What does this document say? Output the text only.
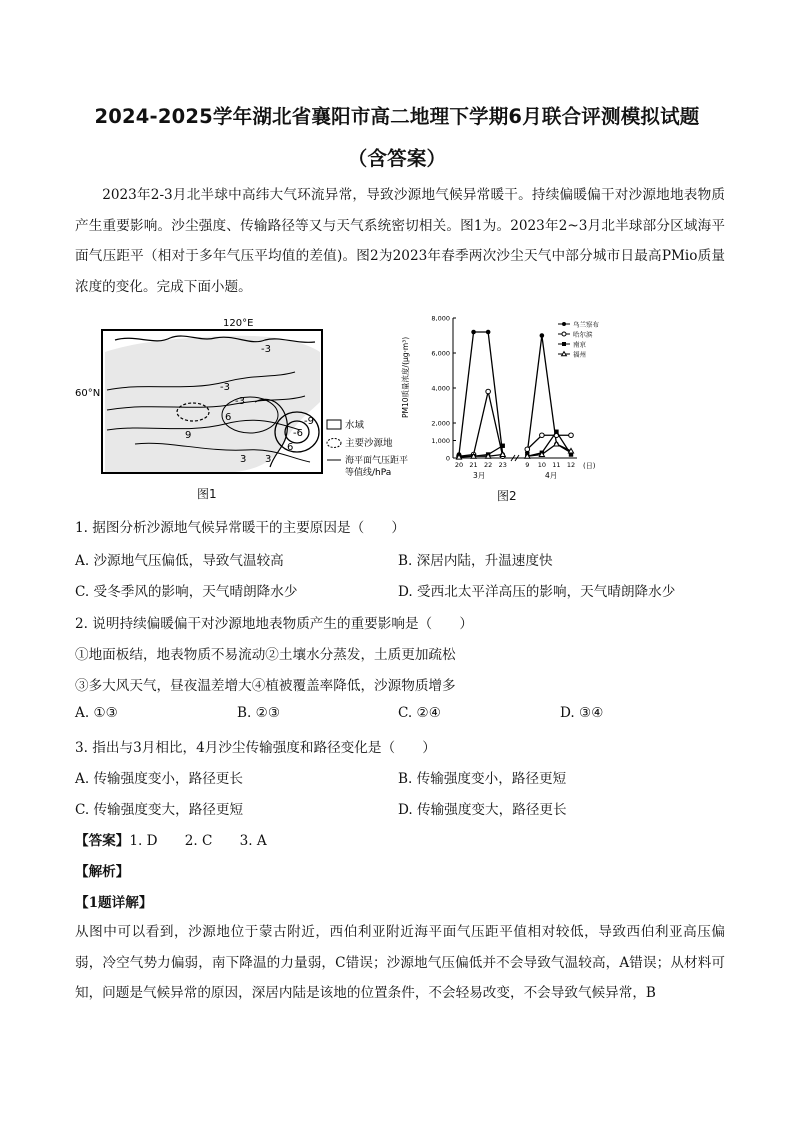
2024-2025学年湖北省襄阳市高二地理下学期6月联合评测模拟试题
（含答案）
2023年2-3月北半球中高纬大气环流异常，导致沙源地气候异常暖干。持续偏暖偏干对沙源地地表物质产生重要影响。沙尘强度、传输路径等又与天气系统密切相关。图1为。2023年2~3月北半球部分区域海平面气压距平（相对于多年气压平均值的差值)。图2为2023年春季两次沙尘天气中部分城市日最高PMio质量浓度的变化。完成下面小题。
-3
-3
-3
-6
-9
6
3
9
6
3
120°E
60°N
水域
主要沙源地
海平面气压距平
等值线/hPa
图1
8,000
6,000
4,000
2,000
1,000
0
20 21 22 23	9 10 11 12
乌兰察布
哈尔滨
南京
福州
PM10质量浓度/(μg·m³)
3月	4月
(日)
图2
1. 据图分析沙源地气候异常暖干的主要原因是（　　）
A. 沙源地气压偏低，导致气温较高	B. 深居内陆，升温速度快
C. 受冬季风的影响，天气晴朗降水少	D. 受西北太平洋高压的影响，天气晴朗降水少
2. 说明持续偏暖偏干对沙源地地表物质产生的重要影响是（　　）
①地面板结，地表物质不易流动②土壤水分蒸发，土质更加疏松
③多大风天气，昼夜温差增大④植被覆盖率降低，沙源物质增多
A. ①③	B. ②③	C. ②④	D. ③④
3. 指出与3月相比，4月沙尘传输强度和路径变化是（　　）
A. 传输强度变小，路径更长	B. 传输强度变小，路径更短
C. 传输强度变大，路径更短	D. 传输强度变大，路径更长
【答案】1. D　　2. C　　3. A
【解析】
【1题详解】
从图中可以看到，沙源地位于蒙古附近，西伯利亚附近海平面气压距平值相对较低，导致西伯利亚高压偏弱，冷空气势力偏弱，南下降温的力量弱，C错误；沙源地气压偏低并不会导致气温较高，A错误；从材料可知，问题是气候异常的原因，深居内陆是该地的位置条件，不会轻易改变，不会导致气候异常，B
